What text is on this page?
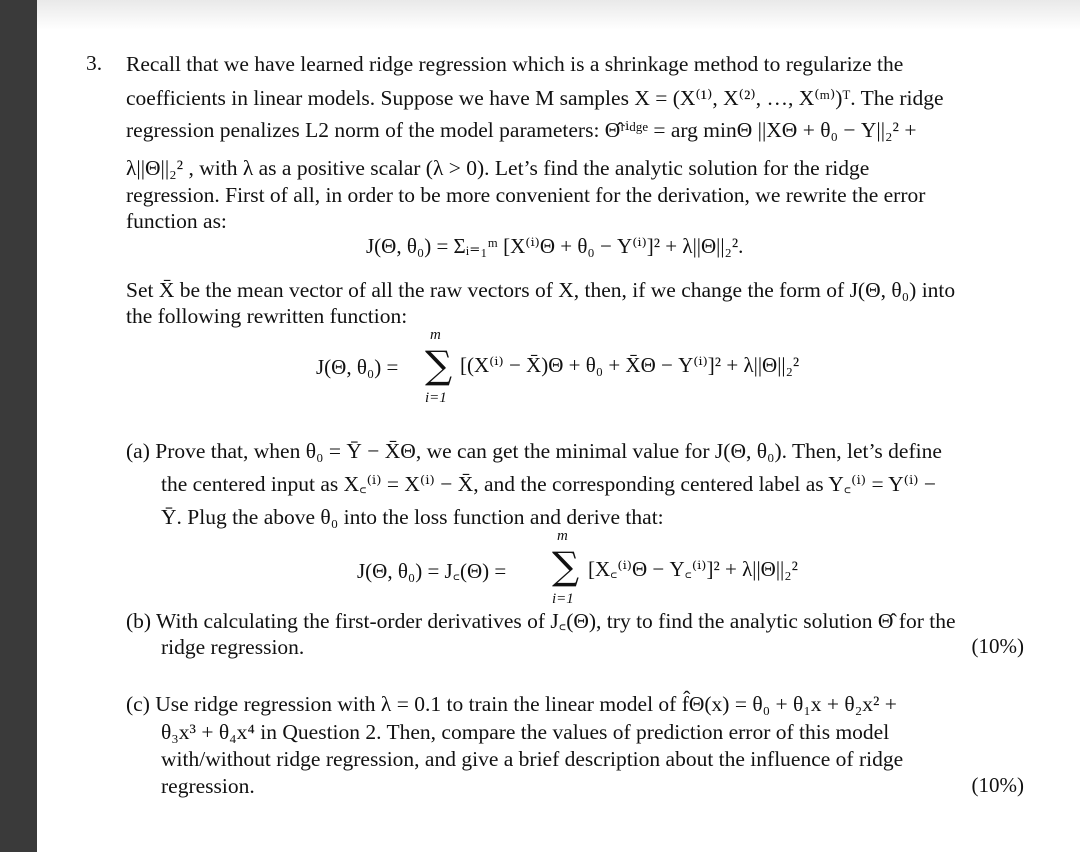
3. Recall that we have learned ridge regression which is a shrinkage method to regularize the
coefficients in linear models. Suppose we have M samples X = (X⁽¹⁾, X⁽²⁾, …, X⁽ᵐ⁾)ᵀ. The ridge
regression penalizes L2 norm of the model parameters: Θ̂ʳⁱᵈᵍᵉ = arg minΘ ||XΘ + θ₀ − Y||₂² +
λ||Θ||₂² , with λ as a positive scalar (λ > 0). Let’s find the analytic solution for the ridge
regression. First of all, in order to be more convenient for the derivation, we rewrite the error
function as:
J(Θ, θ₀) = Σᵢ₌₁ᵐ [X⁽ⁱ⁾Θ + θ₀ − Y⁽ⁱ⁾]² + λ||Θ||₂².
Set X̄ be the mean vector of all the raw vectors of X, then, if we change the form of J(Θ, θ₀) into
the following rewritten function:
J(Θ, θ₀) =
m
∑
i=1
[(X⁽ⁱ⁾ − X̄)Θ + θ₀ + X̄Θ − Y⁽ⁱ⁾]² + λ||Θ||₂²
(a) Prove that, when θ₀ = Ȳ − X̄Θ, we can get the minimal value for J(Θ, θ₀). Then, let’s define
the centered input as X꜀⁽ⁱ⁾ = X⁽ⁱ⁾ − X̄, and the corresponding centered label as Y꜀⁽ⁱ⁾ = Y⁽ⁱ⁾ −
Ȳ. Plug the above θ₀ into the loss function and derive that:
J(Θ, θ₀) = J꜀(Θ) =
m
∑
i=1
[X꜀⁽ⁱ⁾Θ − Y꜀⁽ⁱ⁾]² + λ||Θ||₂²
(b) With calculating the first-order derivatives of J꜀(Θ), try to find the analytic solution Θ̂ for the
ridge regression.	(10%)
(c) Use ridge regression with λ = 0.1 to train the linear model of f̂Θ(x) = θ₀ + θ₁x + θ₂x² +
θ₃x³ + θ₄x⁴ in Question 2. Then, compare the values of prediction error of this model
with/without ridge regression, and give a brief description about the influence of ridge
regression.	(10%)
